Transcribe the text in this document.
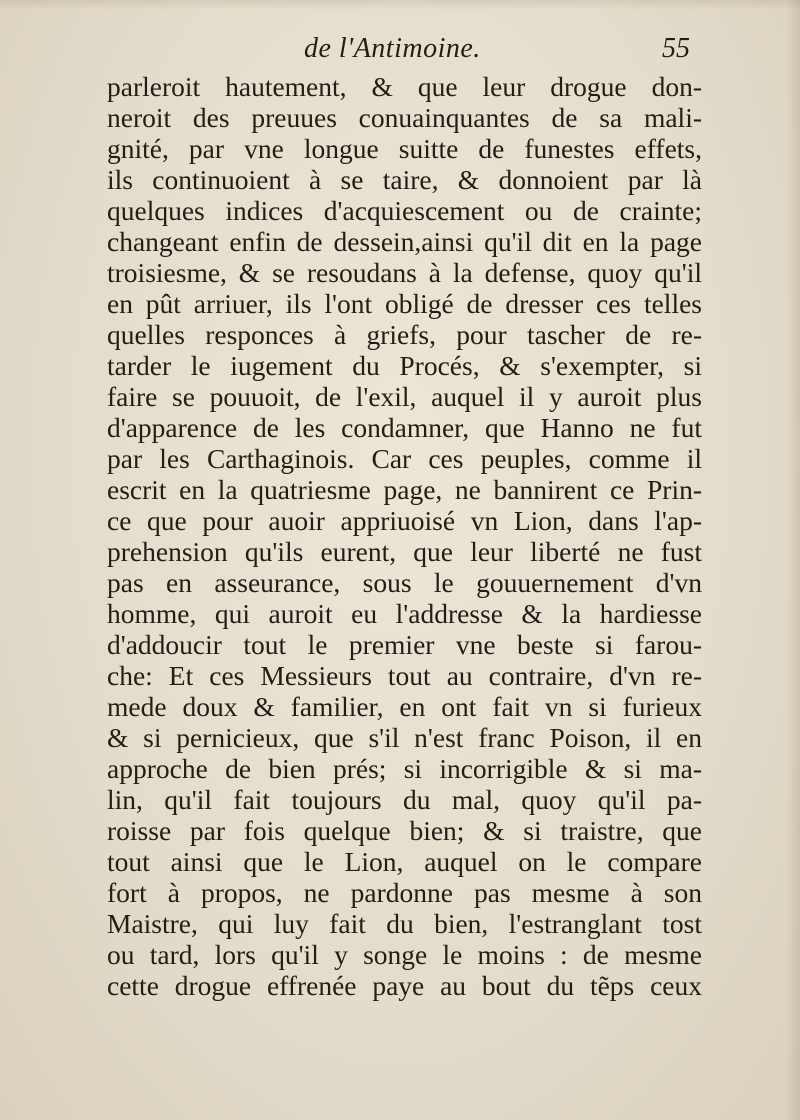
de l'Antimoine.	55
parleroit hautement, & que leur drogue don-
neroit des preuues conuainquantes de sa mali-
gnité, par vne longue suitte de funestes effets,
ils continuoient à se taire, & donnoient par là
quelques indices d'acquiescement ou de crainte;
changeant enfin de dessein,ainsi qu'il dit en la page
troisiesme, & se resoudans à la defense, quoy qu'il
en pût arriuer, ils l'ont obligé de dresser ces telles
quelles responces à griefs, pour tascher de re-
tarder le iugement du Procés, & s'exempter, si
faire se pouuoit, de l'exil, auquel il y auroit plus
d'apparence de les condamner, que Hanno ne fut
par les Carthaginois. Car ces peuples, comme il
escrit en la quatriesme page, ne bannirent ce Prin-
ce que pour auoir appriuoisé vn Lion, dans l'ap-
prehension qu'ils eurent, que leur liberté ne fust
pas en asseurance, sous le gouuernement d'vn
homme, qui auroit eu l'addresse & la hardiesse
d'addoucir tout le premier vne beste si farou-
che: Et ces Messieurs tout au contraire, d'vn re-
mede doux & familier, en ont fait vn si furieux
& si pernicieux, que s'il n'est franc Poison, il en
approche de bien prés; si incorrigible & si ma-
lin, qu'il fait toujours du mal, quoy qu'il pa-
roisse par fois quelque bien; & si traistre, que
tout ainsi que le Lion, auquel on le compare
fort à propos, ne pardonne pas mesme à son
Maistre, qui luy fait du bien, l'estranglant tost
ou tard, lors qu'il y songe le moins : de mesme
cette drogue effrenée paye au bout du tẽps ceux
